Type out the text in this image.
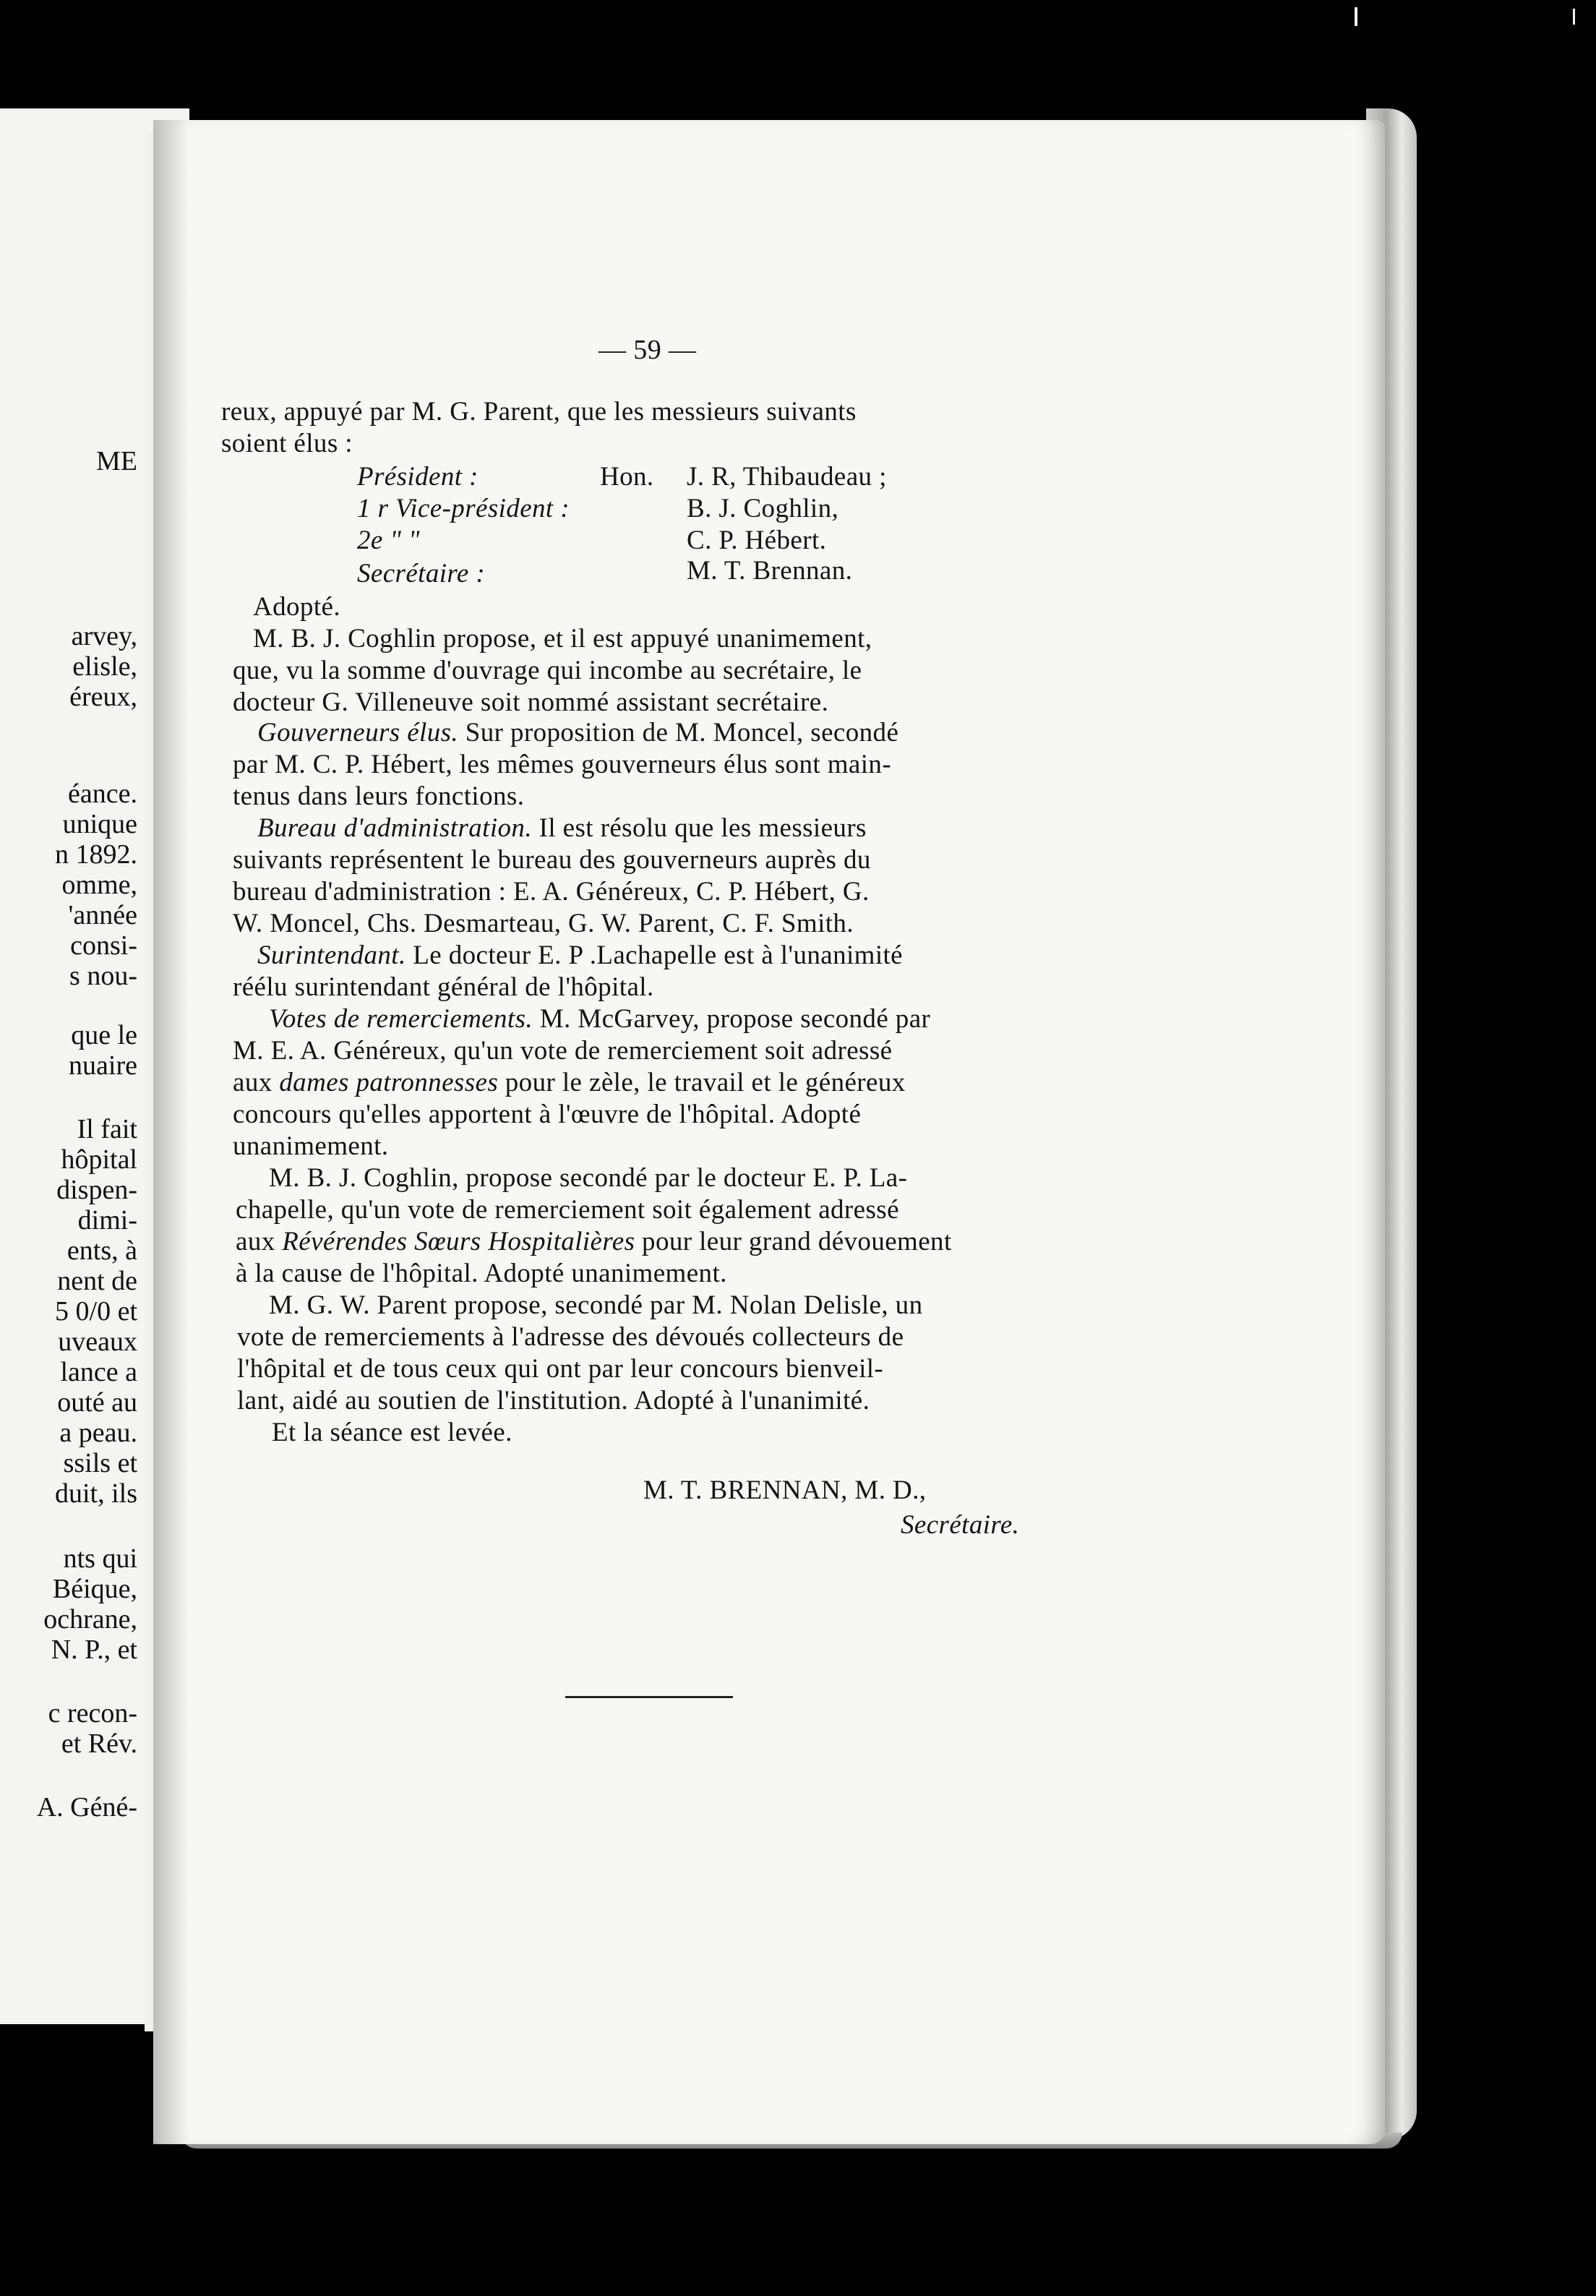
ME
arvey,
elisle,
éreux,
éance.
unique
n 1892.
omme,
'année
consi-
s nou-
que le
nuaire
Il fait
hôpital
dispen-
dimi-
ents, à
nent de
5 0/0 et
uveaux
lance a
outé au
a peau.
ssils et
duit, ils
nts qui
Béique,
ochrane,
N. P., et
c recon-
et Rév.
A. Géné-
— 59 —
reux, appuyé par M. G. Parent, que les messieurs suivants
soient élus :
Président :	Hon. J. R, Thibaudeau ;
1 r Vice-président :	B. J. Coghlin,
2e " "	C. P. Hébert.
Secrétaire :	M. T. Brennan.
Adopté.
M. B. J. Coghlin propose, et il est appuyé unanimement,
que, vu la somme d'ouvrage qui incombe au secrétaire, le
docteur G. Villeneuve soit nommé assistant secrétaire.
Gouverneurs élus. Sur proposition de M. Moncel, secondé
par M. C. P. Hébert, les mêmes gouverneurs élus sont main-
tenus dans leurs fonctions.
Bureau d'administration. Il est résolu que les messieurs
suivants représentent le bureau des gouverneurs auprès du
bureau d'administration : E. A. Généreux, C. P. Hébert, G.
W. Moncel, Chs. Desmarteau, G. W. Parent, C. F. Smith.
Surintendant. Le docteur E. P .Lachapelle est à l'unanimité
réélu surintendant général de l'hôpital.
Votes de remerciements. M. McGarvey, propose secondé par
M. E. A. Généreux, qu'un vote de remerciement soit adressé
aux dames patronnesses pour le zèle, le travail et le généreux
concours qu'elles apportent à l'œuvre de l'hôpital. Adopté
unanimement.
M. B. J. Coghlin, propose secondé par le docteur E. P. La-
chapelle, qu'un vote de remerciement soit également adressé
aux Révérendes Sœurs Hospitalières pour leur grand dévouement
à la cause de l'hôpital. Adopté unanimement.
M. G. W. Parent propose, secondé par M. Nolan Delisle, un
vote de remerciements à l'adresse des dévoués collecteurs de
l'hôpital et de tous ceux qui ont par leur concours bienveil-
lant, aidé au soutien de l'institution. Adopté à l'unanimité.
Et la séance est levée.
M. T. BRENNAN, M. D.,
Secrétaire.
